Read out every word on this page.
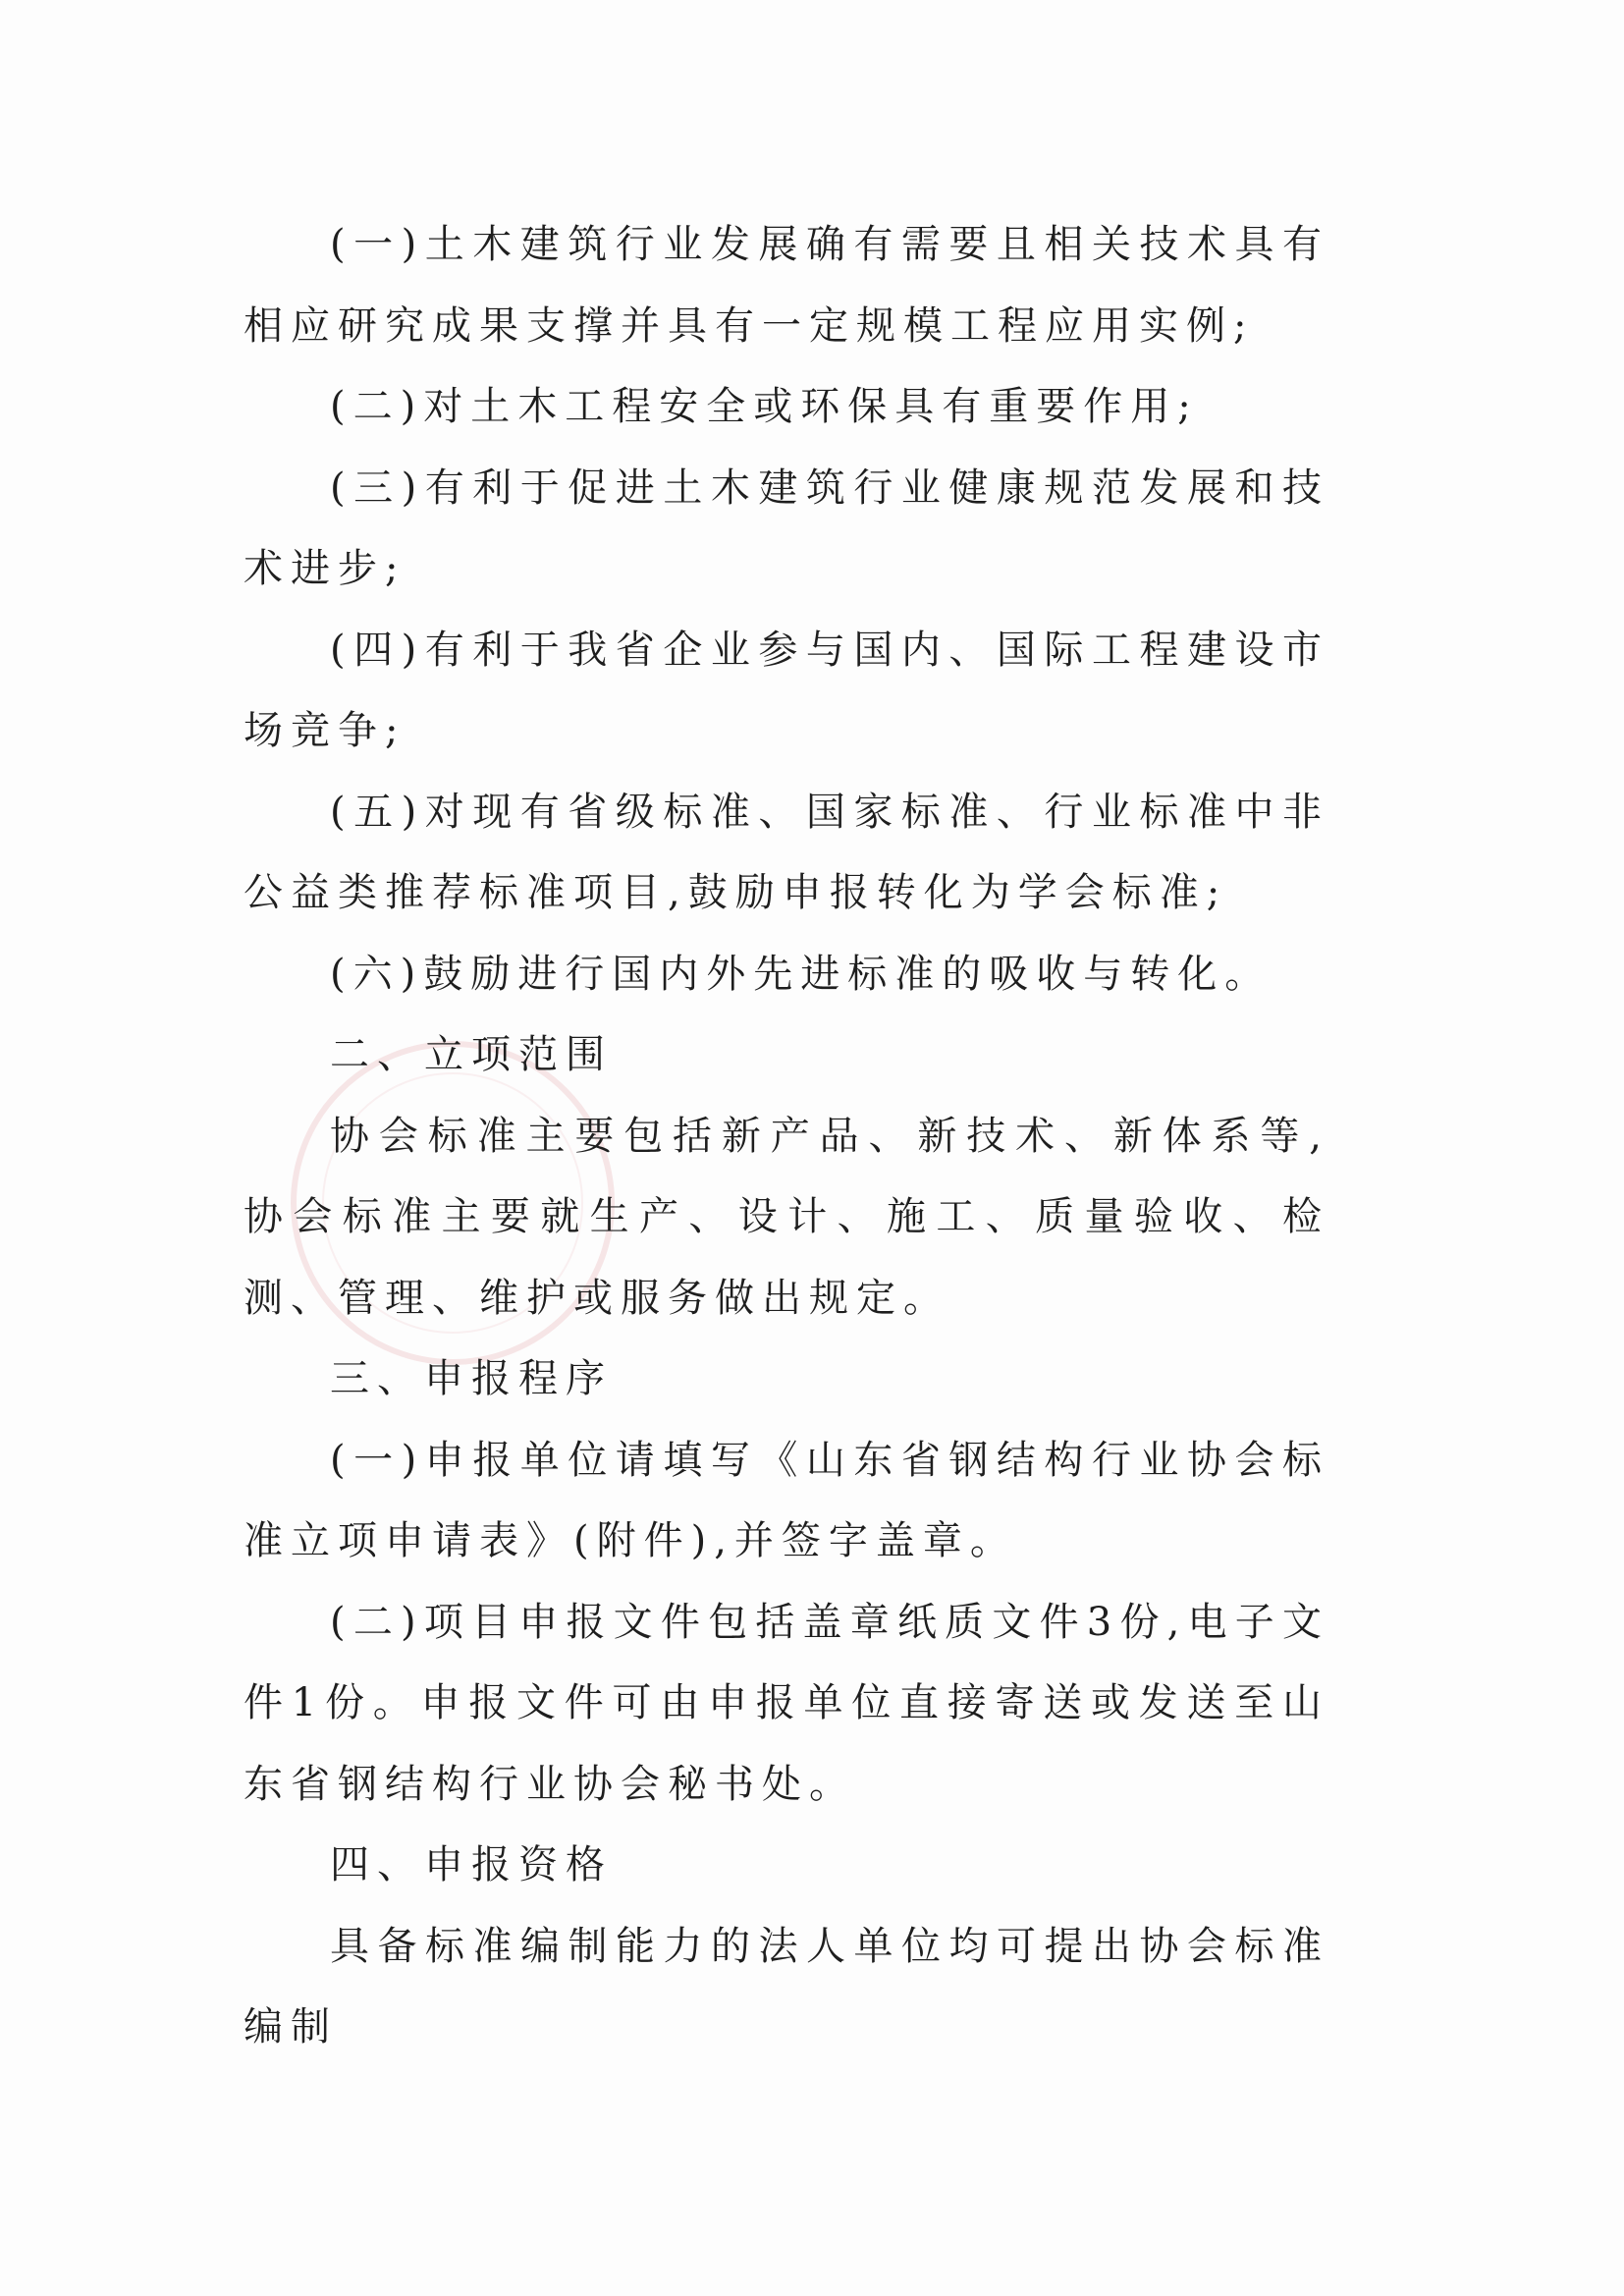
(一)土木建筑行业发展确有需要且相关技术具有相应研究成果支撑并具有一定规模工程应用实例;

(二)对土木工程安全或环保具有重要作用;

(三)有利于促进土木建筑行业健康规范发展和技术进步;

(四)有利于我省企业参与国内、国际工程建设市场竞争;

(五)对现有省级标准、国家标准、行业标准中非公益类推荐标准项目,鼓励申报转化为学会标准;

(六)鼓励进行国内外先进标准的吸收与转化。

二、立项范围

协会标准主要包括新产品、新技术、新体系等,协会标准主要就生产、设计、施工、质量验收、检测、管理、维护或服务做出规定。

三、申报程序

(一)申报单位请填写《山东省钢结构行业协会标准立项申请表》(附件),并签字盖章。

(二)项目申报文件包括盖章纸质文件3份,电子文件1份。申报文件可由申报单位直接寄送或发送至山东省钢结构行业协会秘书处。

四、申报资格

具备标准编制能力的法人单位均可提出协会标准编制
